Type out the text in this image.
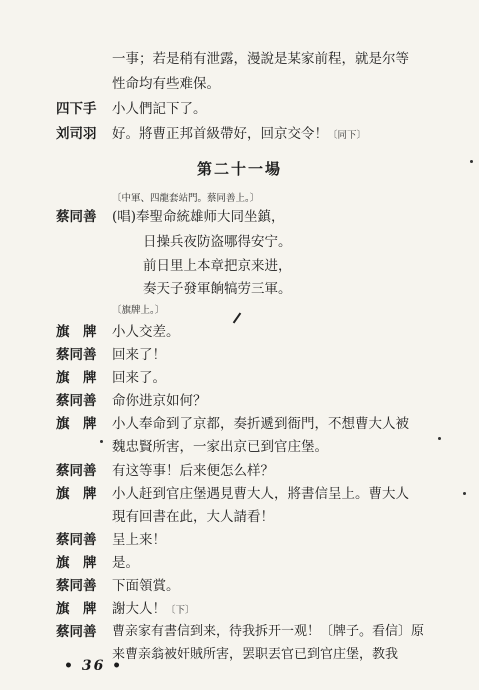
一事；若是稍有泄露，漫說是某家前程，就是尔等
性命均有些难保。
四下手	小人們記下了。
刘司羽	好。將曹正邦首級帶好，回京交令！〔同下〕
第二十一場
〔中軍、四龍套站門。蔡同善上。〕
蔡同善	(唱)奉聖命統雄师大同坐鎮，
日操兵夜防盗哪得安宁。
前日里上本章把京来进，
奏天子發軍餉犒劳三軍。
〔旗牌上。〕
旗　牌	小人交差。
蔡同善	回来了！
旗　牌	回来了。
蔡同善	命你进京如何？
旗　牌	小人奉命到了京都，奏折遞到衙門，不想曹大人被
魏忠賢所害，一家出京已到官庄堡。
蔡同善	有这等事！后来便怎么样？
旗　牌	小人赶到官庄堡遇見曹大人，將書信呈上。曹大人
現有回書在此，大人請看！
蔡同善	呈上来！
旗　牌	是。
蔡同善	下面領賞。
旗　牌	謝大人！〔下〕
蔡同善	曹亲家有書信到来，待我拆开一观！〔牌子。看信〕原
来曹亲翁被奸賊所害，罢职丟官已到官庄堡，教我
• 36 •
